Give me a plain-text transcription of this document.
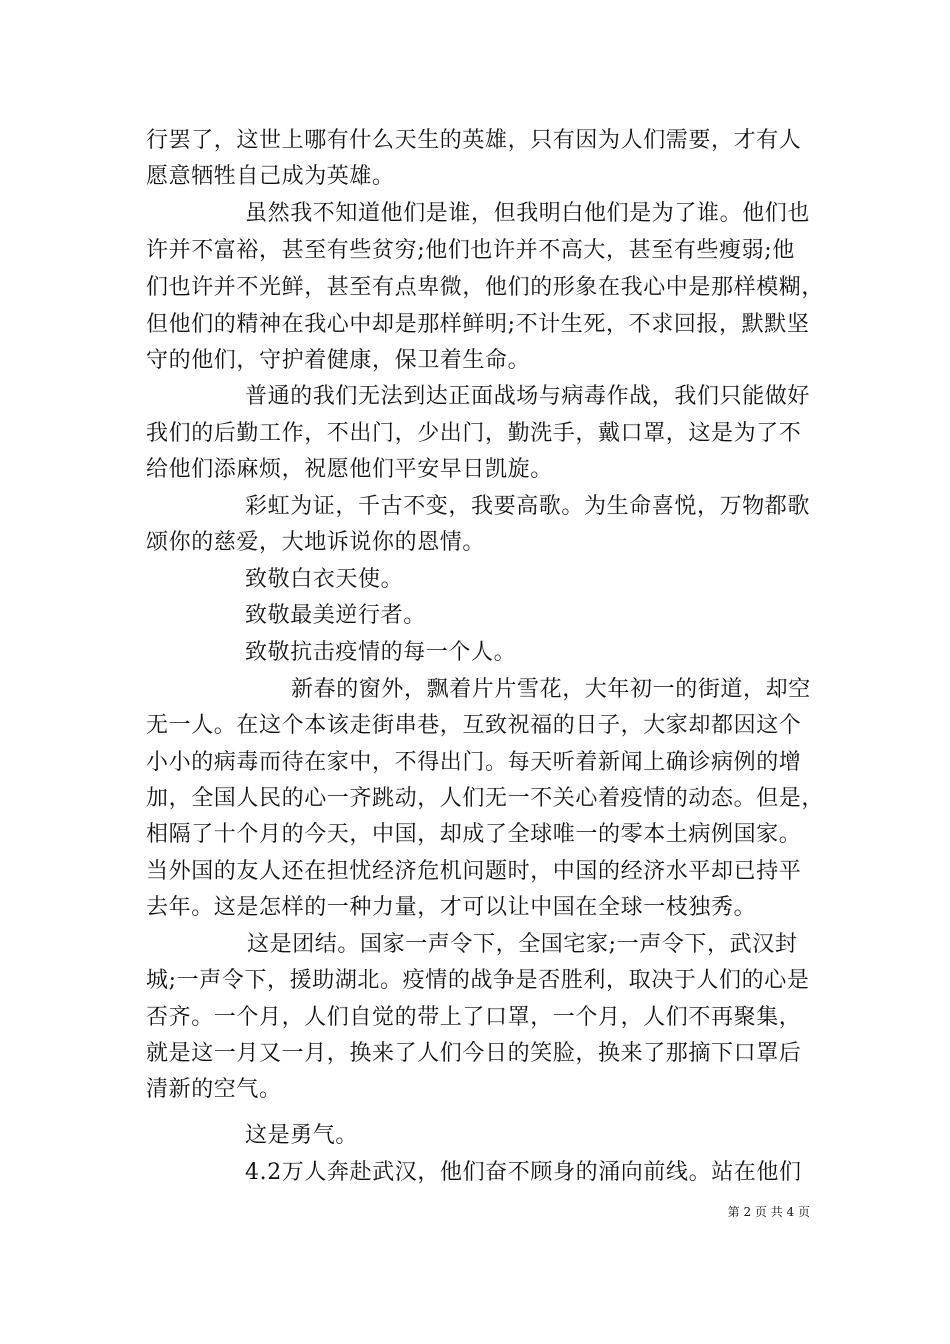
行罢了，这世上哪有什么天生的英雄，只有因为人们需要，才有人
愿意牺牲自己成为英雄。
虽然我不知道他们是谁，但我明白他们是为了谁。他们也
许并不富裕，甚至有些贫穷;他们也许并不高大，甚至有些瘦弱;他
们也许并不光鲜，甚至有点卑微，他们的形象在我心中是那样模糊，
但他们的精神在我心中却是那样鲜明;不计生死，不求回报，默默坚
守的他们，守护着健康，保卫着生命。
普通的我们无法到达正面战场与病毒作战，我们只能做好
我们的后勤工作，不出门，少出门，勤洗手，戴口罩，这是为了不
给他们添麻烦，祝愿他们平安早日凯旋。
彩虹为证，千古不变，我要高歌。为生命喜悦，万物都歌
颂你的慈爱，大地诉说你的恩情。
致敬白衣天使。
致敬最美逆行者。
致敬抗击疫情的每一个人。
新春的窗外，飘着片片雪花，大年初一的街道，却空
无一人。在这个本该走街串巷，互致祝福的日子，大家却都因这个
小小的病毒而待在家中，不得出门。每天听着新闻上确诊病例的增
加，全国人民的心一齐跳动，人们无一不关心着疫情的动态。但是，
相隔了十个月的今天，中国，却成了全球唯一的零本土病例国家。
当外国的友人还在担忧经济危机问题时，中国的经济水平却已持平
去年。这是怎样的一种力量，才可以让中国在全球一枝独秀。
这是团结。国家一声令下，全国宅家;一声令下，武汉封
城;一声令下，援助湖北。疫情的战争是否胜利，取决于人们的心是
否齐。一个月，人们自觉的带上了口罩，一个月，人们不再聚集，
就是这一月又一月，换来了人们今日的笑脸，换来了那摘下口罩后
清新的空气。
这是勇气。
4.2万人奔赴武汉，他们奋不顾身的涌向前线。站在他们
第 2 页 共 4 页
